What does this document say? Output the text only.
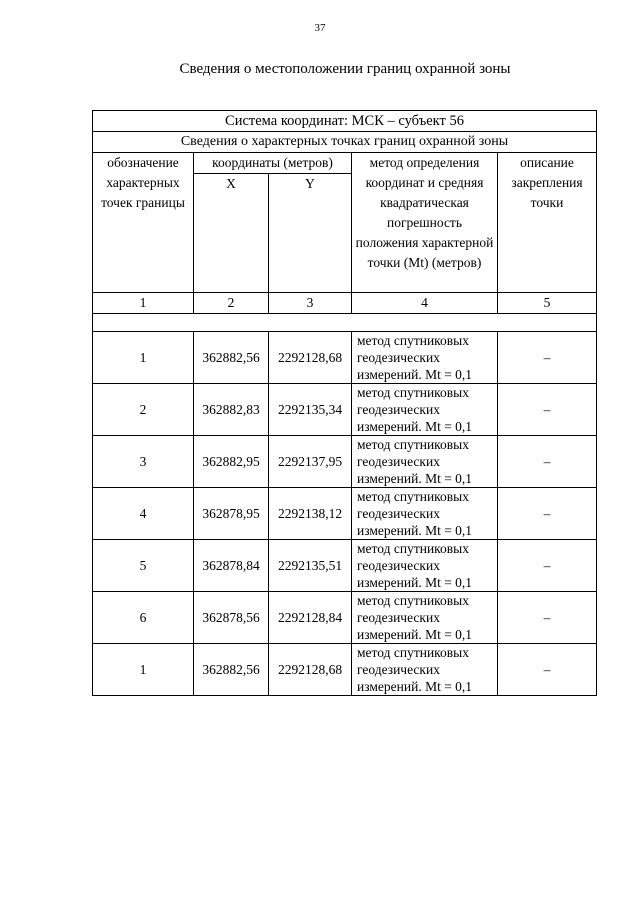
37
Сведения о местоположении границ охранной зоны
Система координат: МСК – субъект 56				
Сведения о характерных точках границ охранной зоны				
обозначение характерных точек границы	координаты (метров)		метод определения координат и средняя квадратическая погрешность положения характерной точки (Mt) (метров)	описание закрепления точки
	X	Y		
1	2	3	4	5

1	362882,56	2292128,68	метод спутниковых геодезических измерений. Mt = 0,1	–
2	362882,83	2292135,34	метод спутниковых геодезических измерений. Mt = 0,1	–
3	362882,95	2292137,95	метод спутниковых геодезических измерений. Mt = 0,1	–
4	362878,95	2292138,12	метод спутниковых геодезических измерений. Mt = 0,1	–
5	362878,84	2292135,51	метод спутниковых геодезических измерений. Mt = 0,1	–
6	362878,56	2292128,84	метод спутниковых геодезических измерений. Mt = 0,1	–
1	362882,56	2292128,68	метод спутниковых геодезических измерений. Mt = 0,1	–
